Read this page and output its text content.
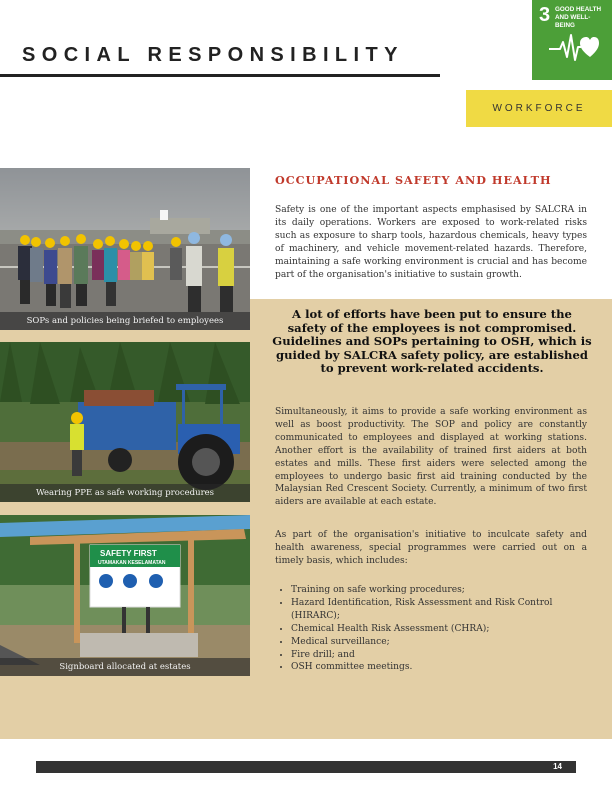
SOCIAL RESPONSIBILITY
3 GOOD HEALTH AND WELL-BEING
WORKFORCE
SOPs and policies being briefed to employees
Wearing PPE as safe working procedures
SAFETY FIRST
UTAMAKAN KESELAMATAN
Signboard allocated at estates
OCCUPATIONAL SAFETY AND HEALTH

Safety is one of the important aspects emphasised by SALCRA in its daily operations. Workers are exposed to work-related risks such as exposure to sharp tools, hazardous chemicals, heavy types of machinery, and vehicle movement-related hazards. Therefore, maintaining a safe working environment is crucial and has become part of the organisation's initiative to sustain growth.

A lot of efforts have been put to ensure the safety of the employees is not compromised. Guidelines and SOPs pertaining to OSH, which is guided by SALCRA safety policy, are established to prevent work-related accidents.

Simultaneously, it aims to provide a safe working environment as well as boost productivity. The SOP and policy are constantly communicated to employees and displayed at working stations. Another effort is the availability of trained first aiders at both estates and mills. These first aiders were selected among the employees to undergo basic first aid training conducted by the Malaysian Red Crescent Society. Currently, a minimum of two first aiders are available at each estate.

As part of the organisation's initiative to inculcate safety and health awareness, special programmes were carried out on a timely basis, which includes:

• Training on safe working procedures;
• Hazard Identification, Risk Assessment and Risk Control (HIRARC);
• Chemical Health Risk Assessment (CHRA);
• Medical surveillance;
• Fire drill; and
• OSH committee meetings.
14
